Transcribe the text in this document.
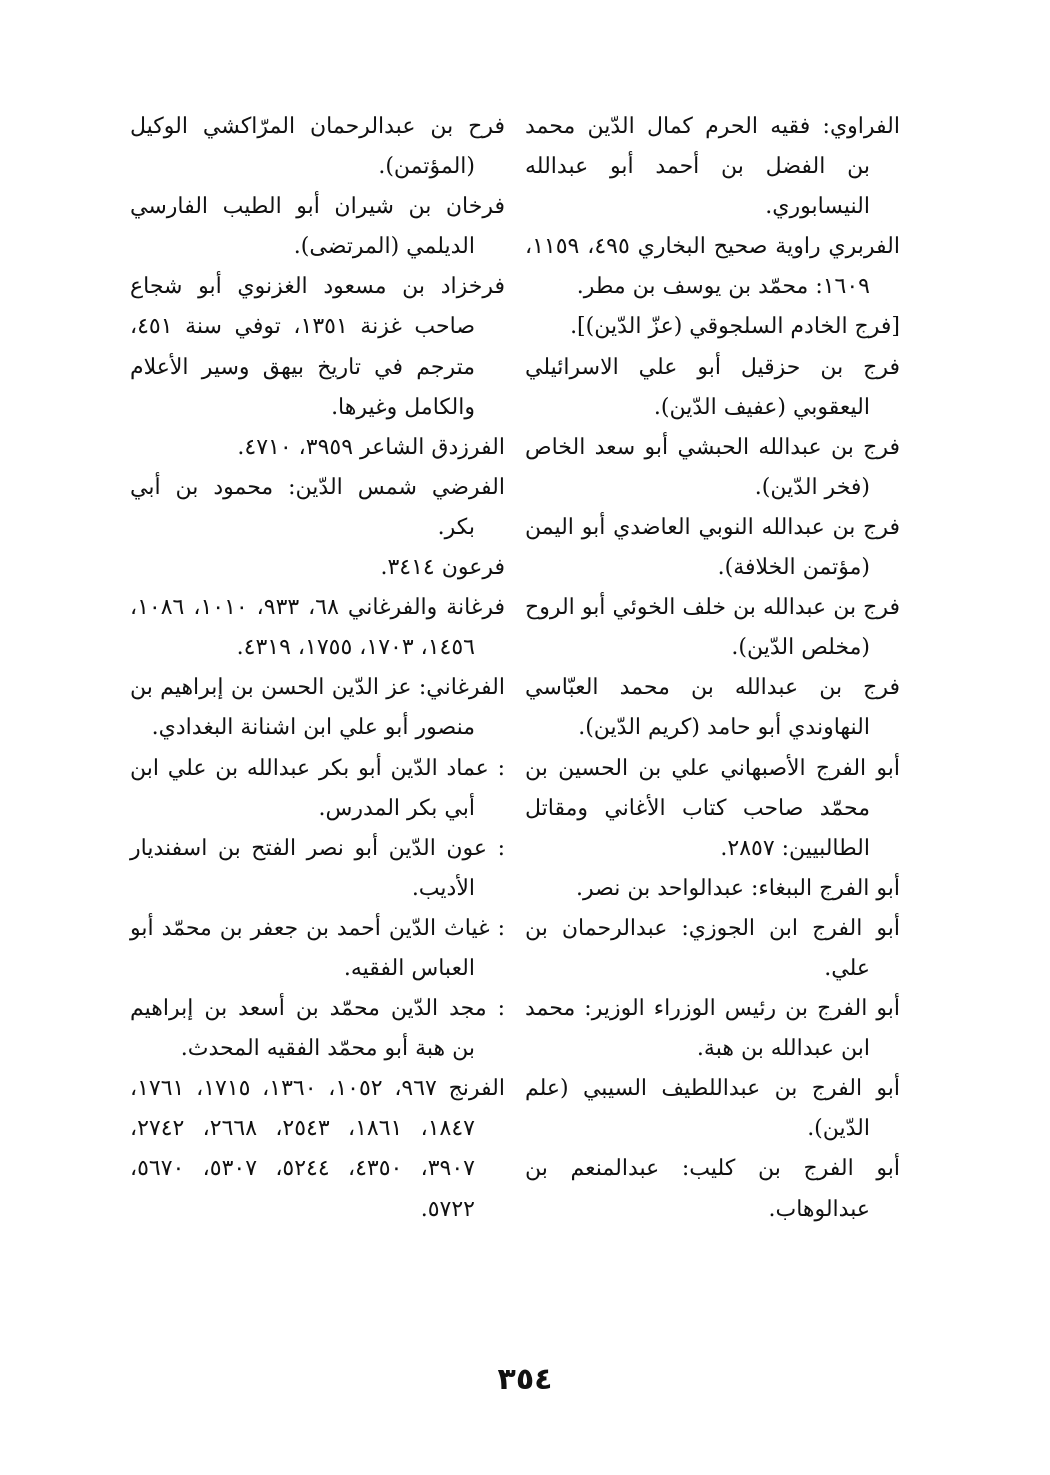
الفراوي: فقيه الحرم كمال الدّين محمد بن الفضل بن أحمد أبو عبدالله النيسابوري.
الفربري راوية صحيح البخاري ٤٩٥، ١١٥٩، ١٦٠٩: محمّد بن يوسف بن مطر.
[فرج الخادم السلجوقي (عزّ الدّين)].
فرج بن حزقيل أبو علي الاسرائيلي اليعقوبي (عفيف الدّين).
فرج بن عبدالله الحبشي أبو سعد الخاص (فخر الدّين).
فرج بن عبدالله النوبي العاضدي أبو اليمن (مؤتمن الخلافة).
فرج بن عبدالله بن خلف الخوئي أبو الروح (مخلص الدّين).
فرج بن عبدالله بن محمد العبّاسي النهاوندي أبو حامد (كريم الدّين).
أبو الفرج الأصبهاني علي بن الحسين بن محمّد صاحب كتاب الأغاني ومقاتل الطالبيين: ٢٨٥٧.
أبو الفرج الببغاء: عبدالواحد بن نصر.
أبو الفرج ابن الجوزي: عبدالرحمان بن علي.
أبو الفرج بن رئيس الوزراء الوزير: محمد ابن عبدالله بن هبة.
أبو الفرج بن عبداللطيف السيبي (علم الدّين).
أبو الفرج بن كليب: عبدالمنعم بن عبدالوهاب.
فرح بن عبدالرحمان المرّاكشي الوكيل (المؤتمن).
فرخان بن شيران أبو الطيب الفارسي الديلمي (المرتضى).
فرخزاد بن مسعود الغزنوي أبو شجاع صاحب غزنة ١٣٥١، توفي سنة ٤٥١، مترجم في تاريخ بيهق وسير الأعلام والكامل وغيرها.
الفرزدق الشاعر ٣٩٥٩، ٤٧١٠.
الفرضي شمس الدّين: محمود بن أبي بكر.
فرعون ٣٤١٤.
فرغانة والفرغاني ٦٨، ٩٣٣، ١٠١٠، ١٠٨٦، ١٤٥٦، ١٧٠٣، ١٧٥٥، ٤٣١٩.
الفرغاني: عز الدّين الحسن بن إبراهيم بن منصور أبو علي ابن اشنانة البغدادي.
: عماد الدّين أبو بكر عبدالله بن علي ابن أبي بكر المدرس.
: عون الدّين أبو نصر الفتح بن اسفنديار الأديب.
: غياث الدّين أحمد بن جعفر بن محمّد أبو العباس الفقيه.
: مجد الدّين محمّد بن أسعد بن إبراهيم بن هبة أبو محمّد الفقيه المحدث.
الفرنج ٩٦٧، ١٠٥٢، ١٣٦٠، ١٧١٥، ١٧٦١، ١٨٤٧، ١٨٦١، ٢٥٤٣، ٢٦٦٨، ٢٧٤٢، ٣٩٠٧، ٤٣٥٠، ٥٢٤٤، ٥٣٠٧، ٥٦٧٠، ٥٧٢٢.
٣٥٤
